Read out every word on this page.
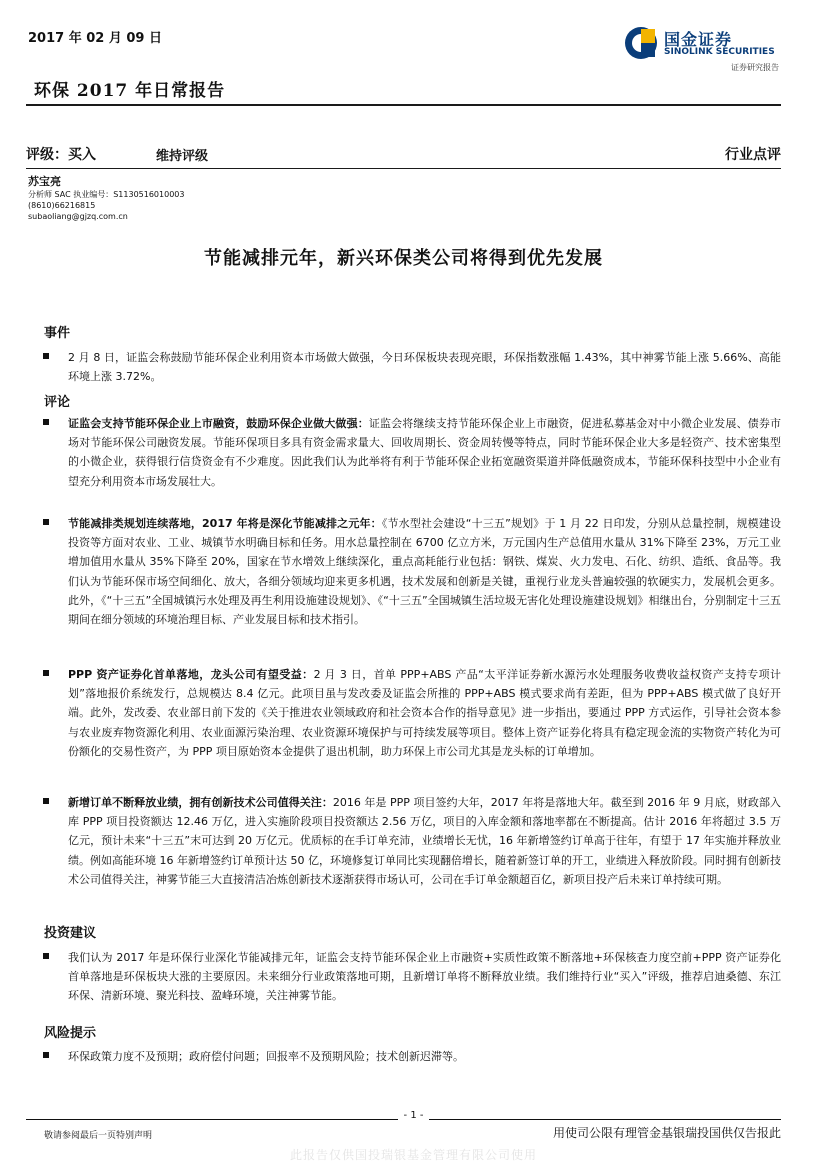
2017 年 02 月 09 日
环保 2017 年日常报告
国金证券
SINOLINK SECURITIES
证券研究报告
评级：买入	维持评级	行业点评
苏宝亮
分析师 SAC 执业编号：S1130516010003
(8610)66216815
subaoliang@gjzq.com.cn
节能减排元年，新兴环保类公司将得到优先发展
事件
2 月 8 日，证监会称鼓励节能环保企业利用资本市场做大做强，今日环保板块表现亮眼，环保指数涨幅 1.43%，其中神雾节能上涨 5.66%、高能环境上涨 3.72%。
评论
证监会支持节能环保企业上市融资，鼓励环保企业做大做强：证监会将继续支持节能环保企业上市融资，促进私募基金对中小微企业发展、债券市场对节能环保公司融资发展。节能环保项目多具有资金需求量大、回收周期长、资金周转慢等特点，同时节能环保企业大多是轻资产、技术密集型的小微企业，获得银行信贷资金有不少难度。因此我们认为此举将有利于节能环保企业拓宽融资渠道并降低融资成本，节能环保科技型中小企业有望充分利用资本市场发展壮大。
节能减排类规划连续落地，2017 年将是深化节能减排之元年：《节水型社会建设“十三五”规划》于 1 月 22 日印发，分别从总量控制，规模建设投资等方面对农业、工业、城镇节水明确目标和任务。用水总量控制在 6700 亿立方米，万元国内生产总值用水量从 31%下降至 23%，万元工业增加值用水量从 35%下降至 20%，国家在节水增效上继续深化，重点高耗能行业包括：钢铁、煤炭、火力发电、石化、纺织、造纸、食品等。我们认为节能环保市场空间细化、放大，各细分领域均迎来更多机遇，技术发展和创新是关键，重视行业龙头普遍较强的软硬实力，发展机会更多。此外，《“十三五”全国城镇污水处理及再生利用设施建设规划》、《“十三五”全国城镇生活垃圾无害化处理设施建设规划》相继出台，分别制定十三五期间在细分领域的环境治理目标、产业发展目标和技术指引。
PPP 资产证券化首单落地，龙头公司有望受益：2 月 3 日，首单 PPP+ABS 产品“太平洋证券新水源污水处理服务收费收益权资产支持专项计划”落地报价系统发行，总规模达 8.4 亿元。此项目虽与发改委及证监会所推的 PPP+ABS 模式要求尚有差距，但为 PPP+ABS 模式做了良好开端。此外，发改委、农业部日前下发的《关于推进农业领域政府和社会资本合作的指导意见》进一步指出，要通过 PPP 方式运作，引导社会资本参与农业废弃物资源化利用、农业面源污染治理、农业资源环境保护与可持续发展等项目。整体上资产证券化将具有稳定现金流的实物资产转化为可份额化的交易性资产，为 PPP 项目原始资本金提供了退出机制，助力环保上市公司尤其是龙头标的订单增加。
新增订单不断释放业绩，拥有创新技术公司值得关注：2016 年是 PPP 项目签约大年，2017 年将是落地大年。截至到 2016 年 9 月底，财政部入库 PPP 项目投资额达 12.46 万亿，进入实施阶段项目投资额达 2.56 万亿，项目的入库金额和落地率都在不断提高。估计 2016 年将超过 3.5 万亿元，预计未来“十三五”末可达到 20 万亿元。优质标的在手订单充沛，业绩增长无忧，16 年新增签约订单高于往年，有望于 17 年实施并释放业绩。例如高能环境 16 年新增签约订单预计达 50 亿，环境修复订单同比实现翻倍增长，随着新签订单的开工，业绩进入释放阶段。同时拥有创新技术公司值得关注，神雾节能三大直接清洁冶炼创新技术逐渐获得市场认可，公司在手订单金额超百亿，新项目投产后未来订单持续可期。
投资建议
我们认为 2017 年是环保行业深化节能减排元年，证监会支持节能环保企业上市融资+实质性政策不断落地+环保核查力度空前+PPP 资产证券化首单落地是环保板块大涨的主要原因。未来细分行业政策落地可期，且新增订单将不断释放业绩。我们维持行业“买入”评级，推荐启迪桑德、东江环保、清新环境、聚光科技、盈峰环境，关注神雾节能。
风险提示
环保政策力度不及预期；政府偿付问题；回报率不及预期风险；技术创新迟滞等。
- 1 -
敬请参阅最后一页特别声明	用使司公限有理管金基银瑞投国供仅告报此
此报告仅供国投瑞银基金管理有限公司使用
